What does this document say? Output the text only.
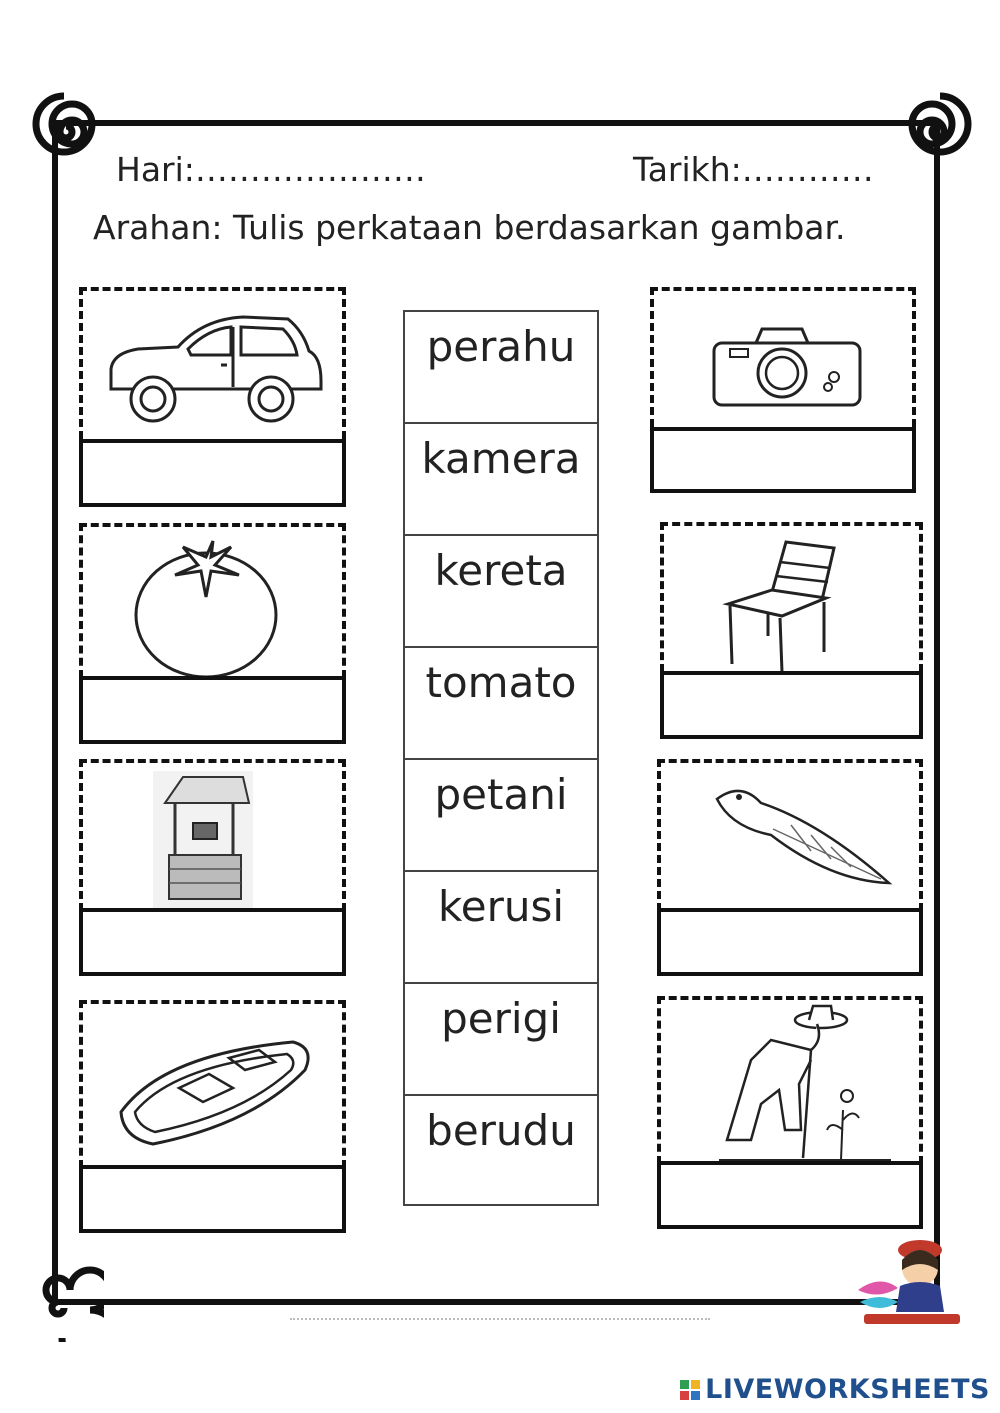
Hari:…………………	Tarikh:…………
Arahan: Tulis perkataan berdasarkan gambar.
perahu
kamera
kereta
tomato
petani
kerusi
perigi
berudu
LIVEWORKSHEETS
